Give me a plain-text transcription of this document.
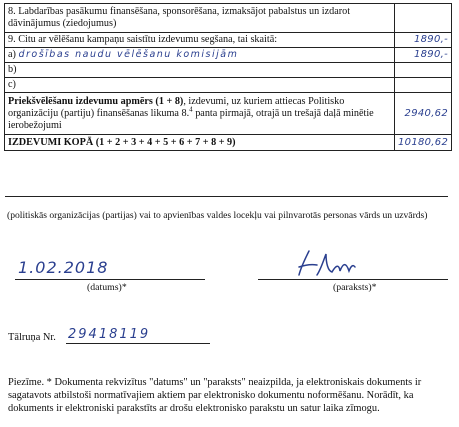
8. Labdarības pasākumu finansēšana, sponsorēšana, izmaksājot pabalstus un izdarot dāvinājumus (ziedojumus)	
9. Citu ar vēlēšanu kampaņu saistītu izdevumu segšana, tai skaitā:	1890,-
a) drošības naudu vēlēšanu komisijām	1890,-
b)	
c)	
Priekšvēlēšanu izdevumu apmērs (1 + 8), izdevumi, uz kuriem attiecas Politisko organizāciju (partiju) finansēšanas likuma 8.$^4$ panta pirmajā, otrajā un trešajā daļā minētie ierobežojumi	2940,62
IZDEVUMI KOPĀ (1 + 2 + 3 + 4 + 5 + 6 + 7 + 8 + 9)	10180,62
(politiskās organizācijas (partijas) vai to apvienības valdes locekļu vai pilnvarotās personas vārds un uzvārds)
1.02.2018
(datums)*	(paraksts)*
Tālruņa Nr. 29418119
Piezīme. * Dokumenta rekvizītus "datums" un "paraksts" neaizpilda, ja elektroniskais dokuments ir sagatavots atbilstoši normatīvajiem aktiem par elektronisko dokumentu noformēšanu. Norādīt, ka dokuments ir elektroniski parakstīts ar drošu elektronisko parakstu un satur laika zīmogu.
